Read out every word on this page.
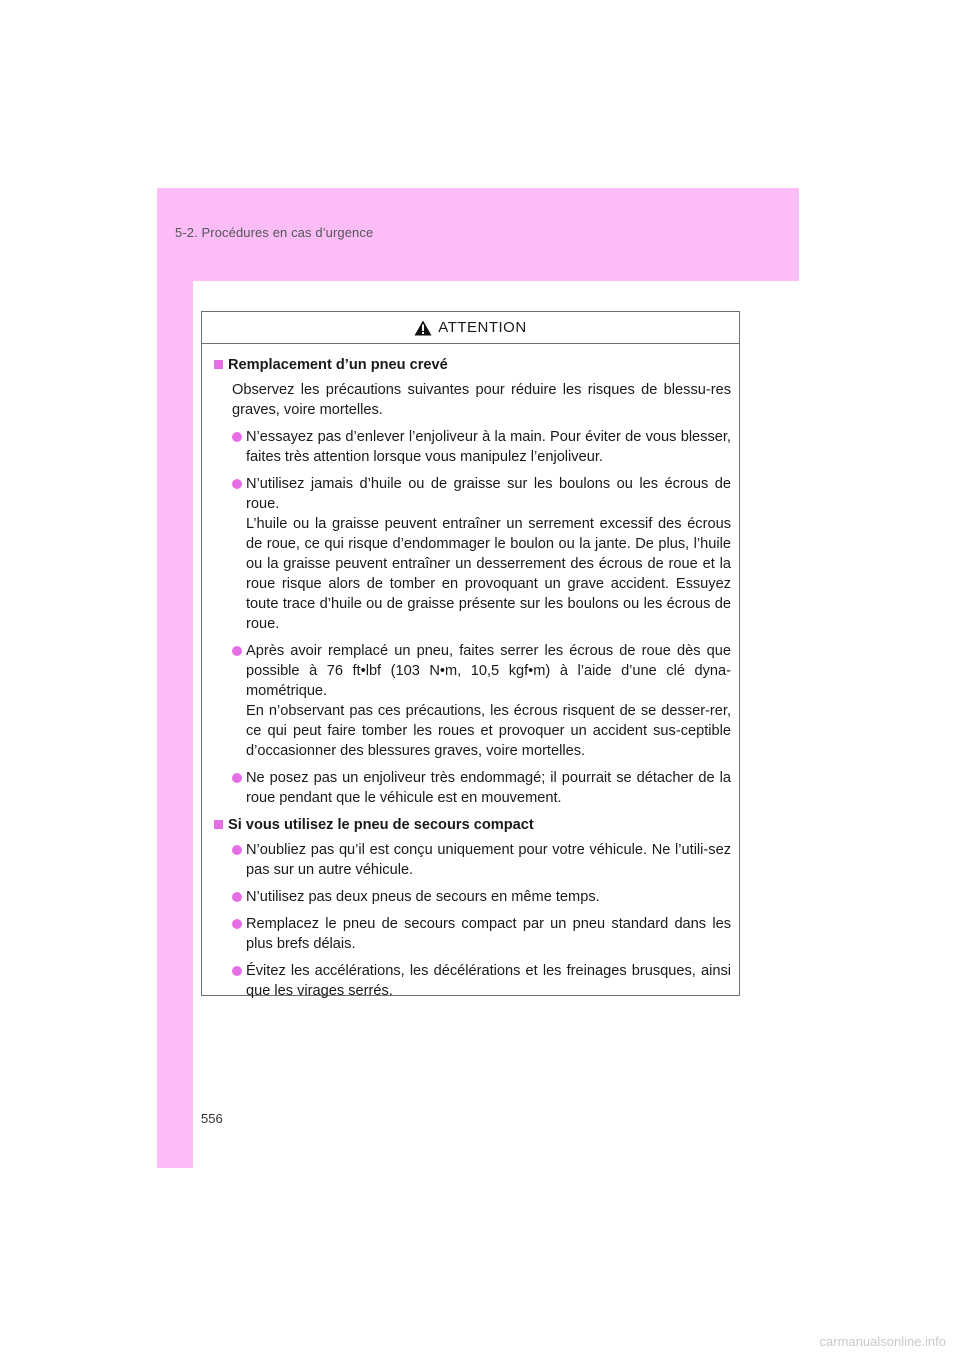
5-2. Procédures en cas d’urgence
ATTENTION
Remplacement d’un pneu crevé
Observez les précautions suivantes pour réduire les risques de blessu-res graves, voire mortelles.
N’essayez pas d’enlever l’enjoliveur à la main. Pour éviter de vous blesser, faites très attention lorsque vous manipulez l’enjoliveur.
N’utilisez jamais d’huile ou de graisse sur les boulons ou les écrous de roue.
L’huile ou la graisse peuvent entraîner un serrement excessif des écrous de roue, ce qui risque d’endommager le boulon ou la jante. De plus, l’huile ou la graisse peuvent entraîner un desserrement des écrous de roue et la roue risque alors de tomber en provoquant un grave accident. Essuyez toute trace d’huile ou de graisse présente sur les boulons ou les écrous de roue.
Après avoir remplacé un pneu, faites serrer les écrous de roue dès que possible à 76 ft•lbf (103 N•m, 10,5 kgf•m) à l’aide d’une clé dyna-mométrique.
En n’observant pas ces précautions, les écrous risquent de se desser-rer, ce qui peut faire tomber les roues et provoquer un accident sus-ceptible d’occasionner des blessures graves, voire mortelles.
Ne posez pas un enjoliveur très endommagé; il pourrait se détacher de la roue pendant que le véhicule est en mouvement.
Si vous utilisez le pneu de secours compact
N’oubliez pas qu’il est conçu uniquement pour votre véhicule. Ne l’utili-sez pas sur un autre véhicule.
N’utilisez pas deux pneus de secours en même temps.
Remplacez le pneu de secours compact par un pneu standard dans les plus brefs délais.
Évitez les accélérations, les décélérations et les freinages brusques, ainsi que les virages serrés.
556
carmanualsonline.info
